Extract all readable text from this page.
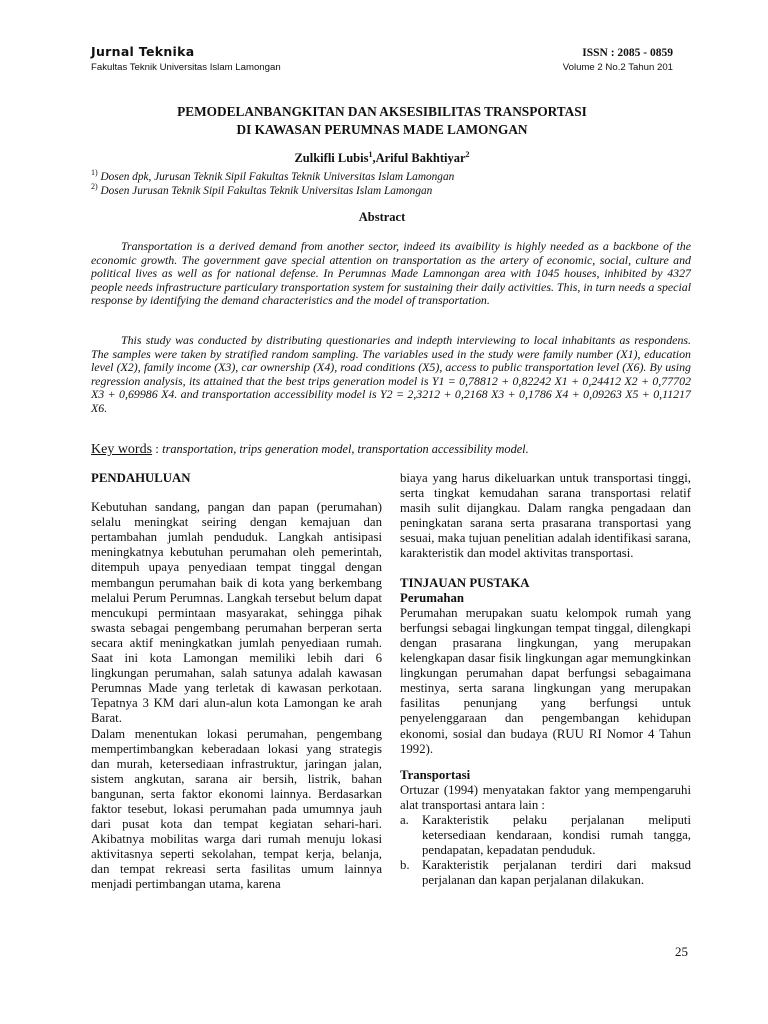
Jurnal Teknika	ISSN : 2085 - 0859
Fakultas Teknik Universitas Islam Lamongan	Volume 2 No.2 Tahun 201
PEMODELANBANGKITAN DAN AKSESIBILITAS TRANSPORTASI
DI KAWASAN PERUMNAS MADE LAMONGAN
Zulkifli Lubis$^1$,Ariful Bakhtiyar$^2$
$^{1)}$ Dosen dpk, Jurusan Teknik Sipil Fakultas Teknik Universitas Islam Lamongan
$^{2)}$ Dosen Jurusan Teknik Sipil Fakultas Teknik Universitas Islam Lamongan
Abstract

Transportation is a derived demand from another sector, indeed its avaibility is highly needed as a backbone of the economic growth. The government gave special attention on transportation as the artery of economic, social, culture and political lives as well as for national defense. In Perumnas Made Lamnongan area with 1045 houses, inhibited by 4327 people needs infrastructure particulary transportation system for sustaining their daily activities. This, in turn needs a special response by identifying the demand characteristics and the model of transportation.

This study was conducted by distributing questionaries and indepth interviewing to local inhabitants as respondens. The samples were taken by stratified random sampling. The variables used in the study were family number (X1), education level (X2), family income (X3), car ownership (X4), road conditions (X5), access to public transportation level (X6). By using regression analysis, its attained that the best trips generation model is Y1 = 0,78812 + 0,82242 X1 + 0,24412 X2 + 0,77702 X3 + 0,69986 X4. and transportation accessibility model is Y2 = 2,3212 + 0,2168 X3 + 0,1786 X4 + 0,09263 X5 + 0,11217 X6.

Key words : transportation, trips generation model, transportation accessibility model.
PENDAHULUAN
Kebutuhan sandang, pangan dan papan (perumahan) selalu meningkat seiring dengan kemajuan dan pertambahan jumlah penduduk. Langkah antisipasi meningkatnya kebutuhan perumahan oleh pemerintah, ditempuh upaya penyediaan tempat tinggal dengan membangun perumahan baik di kota yang berkembang melalui Perum Perumnas. Langkah tersebut belum dapat mencukupi permintaan masyarakat, sehingga pihak swasta sebagai pengembang perumahan berperan serta secara aktif meningkatkan jumlah penyediaan rumah. Saat ini kota Lamongan memiliki lebih dari 6 lingkungan perumahan, salah satunya adalah kawasan Perumnas Made yang terletak di kawasan perkotaan. Tepatnya 3 KM dari alun-alun kota Lamongan ke arah Barat.
Dalam menentukan lokasi perumahan, pengembang mempertimbangkan keberadaan lokasi yang strategis dan murah, ketersediaan infrastruktur, jaringan jalan, sistem angkutan, sarana air bersih, listrik, bahan bangunan, serta faktor ekonomi lainnya. Berdasarkan faktor tesebut, lokasi perumahan pada umumnya jauh dari pusat kota dan tempat kegiatan sehari-hari. Akibatnya mobilitas warga dari rumah menuju lokasi aktivitasnya seperti sekolahan, tempat kerja, belanja, dan tempat rekreasi serta fasilitas umum lainnya menjadi pertimbangan utama, karena
biaya yang harus dikeluarkan untuk transportasi tinggi, serta tingkat kemudahan sarana transportasi relatif masih sulit dijangkau. Dalam rangka pengadaan dan peningkatan sarana serta prasarana transportasi yang sesuai, maka tujuan penelitian adalah identifikasi sarana, karakteristik dan model aktivitas transportasi.
TINJAUAN PUSTAKA
Perumahan
Perumahan merupakan suatu kelompok rumah yang berfungsi sebagai lingkungan tempat tinggal, dilengkapi dengan prasarana lingkungan, yang merupakan kelengkapan dasar fisik lingkungan agar memungkinkan lingkungan perumahan dapat berfungsi sebagaimana mestinya, serta sarana lingkungan yang merupakan fasilitas penunjang yang berfungsi untuk penyelenggaraan dan pengembangan kehidupan ekonomi, sosial dan budaya (RUU RI Nomor 4 Tahun 1992).
Transportasi
Ortuzar (1994) menyatakan faktor yang mempengaruhi alat transportasi antara lain :
a.	Karakteristik pelaku perjalanan meliputi ketersediaan kendaraan, kondisi rumah tangga, pendapatan, kepadatan penduduk.
b. Karakteristik perjalanan terdiri dari maksud perjalanan dan kapan perjalanan dilakukan.
25
